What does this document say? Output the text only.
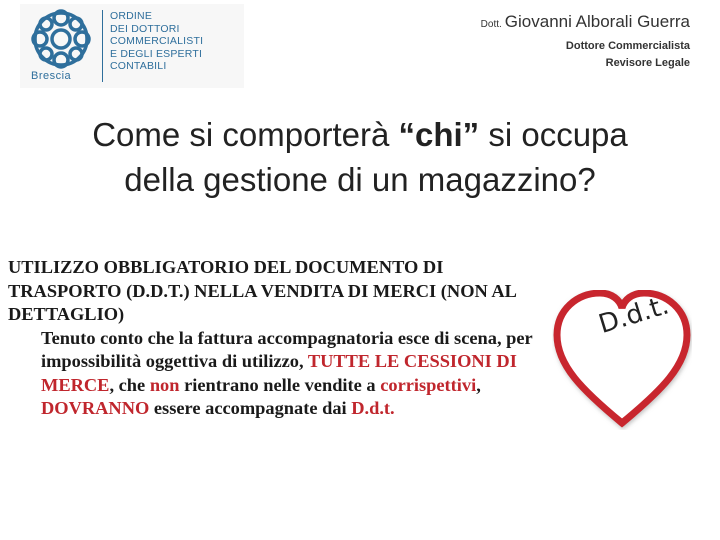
Brescia
ORDINE
DEI DOTTORI
COMMERCIALISTI
E DEGLI ESPERTI
CONTABILI
Dott. Giovanni Alborali Guerra
Dottore Commercialista
Revisore Legale
Come si comporterà “chi” si occupa
della gestione di un magazzino?
UTILIZZO OBBLIGATORIO DEL DOCUMENTO DI TRASPORTO (D.D.T.) NELLA VENDITA DI MERCI (NON AL DETTAGLIO)
Tenuto conto che la fattura accompagnatoria esce di scena, per impossibilità oggettiva di utilizzo, TUTTE LE CESSIONI DI MERCE, che non rientrano nelle vendite a corrispettivi, DOVRANNO essere accompagnate dai D.d.t.
D.d.t.
